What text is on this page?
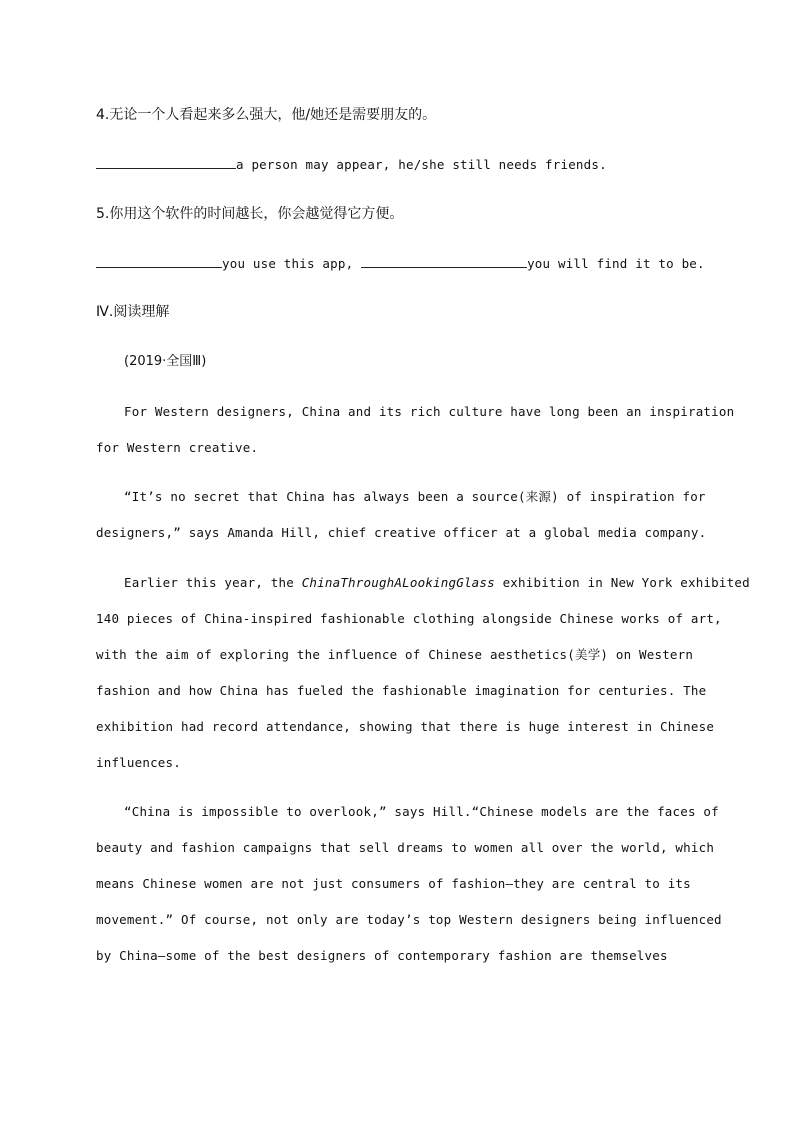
4.无论一个人看起来多么强大，他/她还是需要朋友的。
a person may appear, he/she still needs friends.
5.你用这个软件的时间越长，你会越觉得它方便。
you use this app,	you will find it to be.
Ⅳ.阅读理解
(2019·全国Ⅲ)
For Western designers, China and its rich culture have long been an inspiration
for Western creative.
“It’s no secret that China has always been a source(来源) of inspiration for
designers,” says Amanda Hill, chief creative officer at a global media company.
Earlier this year, the ChinaThroughALookingGlass exhibition in New York exhibited
140 pieces of China-inspired fashionable clothing alongside Chinese works of art,
with the aim of exploring the influence of Chinese aesthetics(美学) on Western
fashion and how China has fueled the fashionable imagination for centuries. The
exhibition had record attendance, showing that there is huge interest in Chinese
influences.
“China is impossible to overlook,” says Hill.“Chinese models are the faces of
beauty and fashion campaigns that sell dreams to women all over the world, which
means Chinese women are not just consumers of fashion—they are central to its
movement.” Of course, not only are today’s top Western designers being influenced
by China—some of the best designers of contemporary fashion are themselves
